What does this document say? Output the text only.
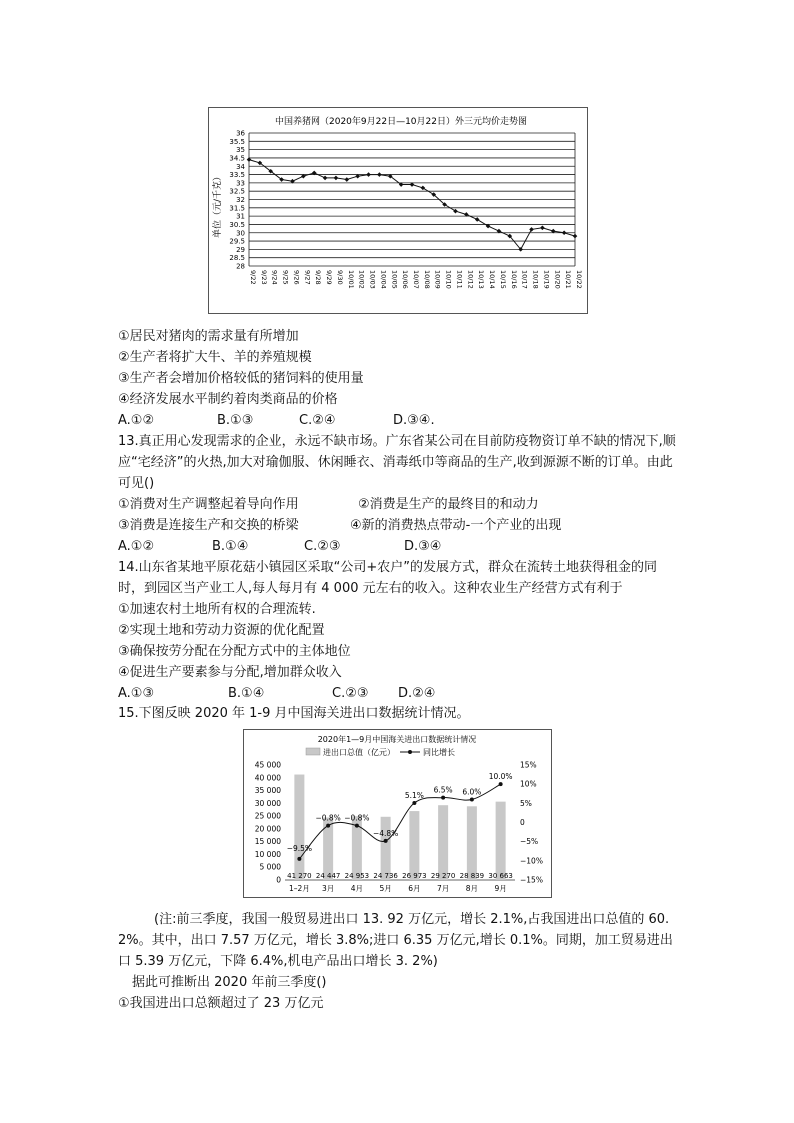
中国养猪网（2020年9月22日—10月22日）外三元均价走势图
单位（元/千克）
28
28.5
29
29.5
30
30.5
31
31.5
32
32.5
33
33.5
34
34.5
35
35.5
36
9/22 9/23 9/24 9/25 9/26 9/27 9/28 9/29 9/30 10/01 10/02 10/03 10/04 10/05 10/06 10/07 10/08 10/09 10/10 10/11 10/12 10/13 10/14 10/15 10/16 10/17 10/18 10/19 10/20 10/21 10/22
①居民对猪肉的需求量有所增加
②生产者将扩大牛、羊的养殖规模
③生产者会增加价格较低的猪饲料的使用量
④经济发展水平制约着肉类商品的价格
A.①②	B.①③	C.②④	D.③④.
13.真正用心发现需求的企业，永远不缺市场。广东省某公司在目前防疫物资订单不缺的情况下,顺应“宅经济”的火热,加大对瑜伽服、休闲睡衣、消毒纸巾等商品的生产,收到源源不断的订单。由此可见()
①消费对生产调整起着导向作用	②消费是生产的最终目的和动力
③消费是连接生产和交换的桥梁	④新的消费热点带动-一个产业的出现
A.①②	B.①④	C.②③	D.③④
14.山东省某地平原花菇小镇园区采取“公司+农户”的发展方式，群众在流转土地获得租金的同时，到园区当产业工人,每人每月有 4 000 元左右的收入。这种农业生产经营方式有利于
①加速农村土地所有权的合理流转.
②实现土地和劳动力资源的优化配置
③确保按劳分配在分配方式中的主体地位
④促进生产要素参与分配,增加群众收入
A.①③	B.①④	C.②③ D.②④
15.下图反映 2020 年 1-9 月中国海关进出口数据统计情况。
2020年1—9月中国海关进出口数据统计情况
进出口总值（亿元）	同比增长
0
5 000
10 000
15 000
20 000
25 000
30 000
35 000
40 000
45 000
−15%
−10%
−5%
0
5%
10%
15%
1–2月 3月 4月 5月 6月 7月 8月 9月
41 270 24 447 24 953 24 736 26 973 29 270 28 839 30 663
−9.5%
−0.8% −0.8%
−4.8%
5.1%
6.5% 6.0%
10.0%
(注:前三季度，我国一般贸易进出口 13. 92 万亿元，增长 2.1%,占我国进出口总值的 60. 2%。其中，出口 7.57 万亿元，增长 3.8%;进口 6.35 万亿元,增长 0.1%。同期，加工贸易进出口 5.39 万亿元，下降 6.4%,机电产品出口增长 3. 2%)
据此可推断出 2020 年前三季度()
①我国进出口总额超过了 23 万亿元
